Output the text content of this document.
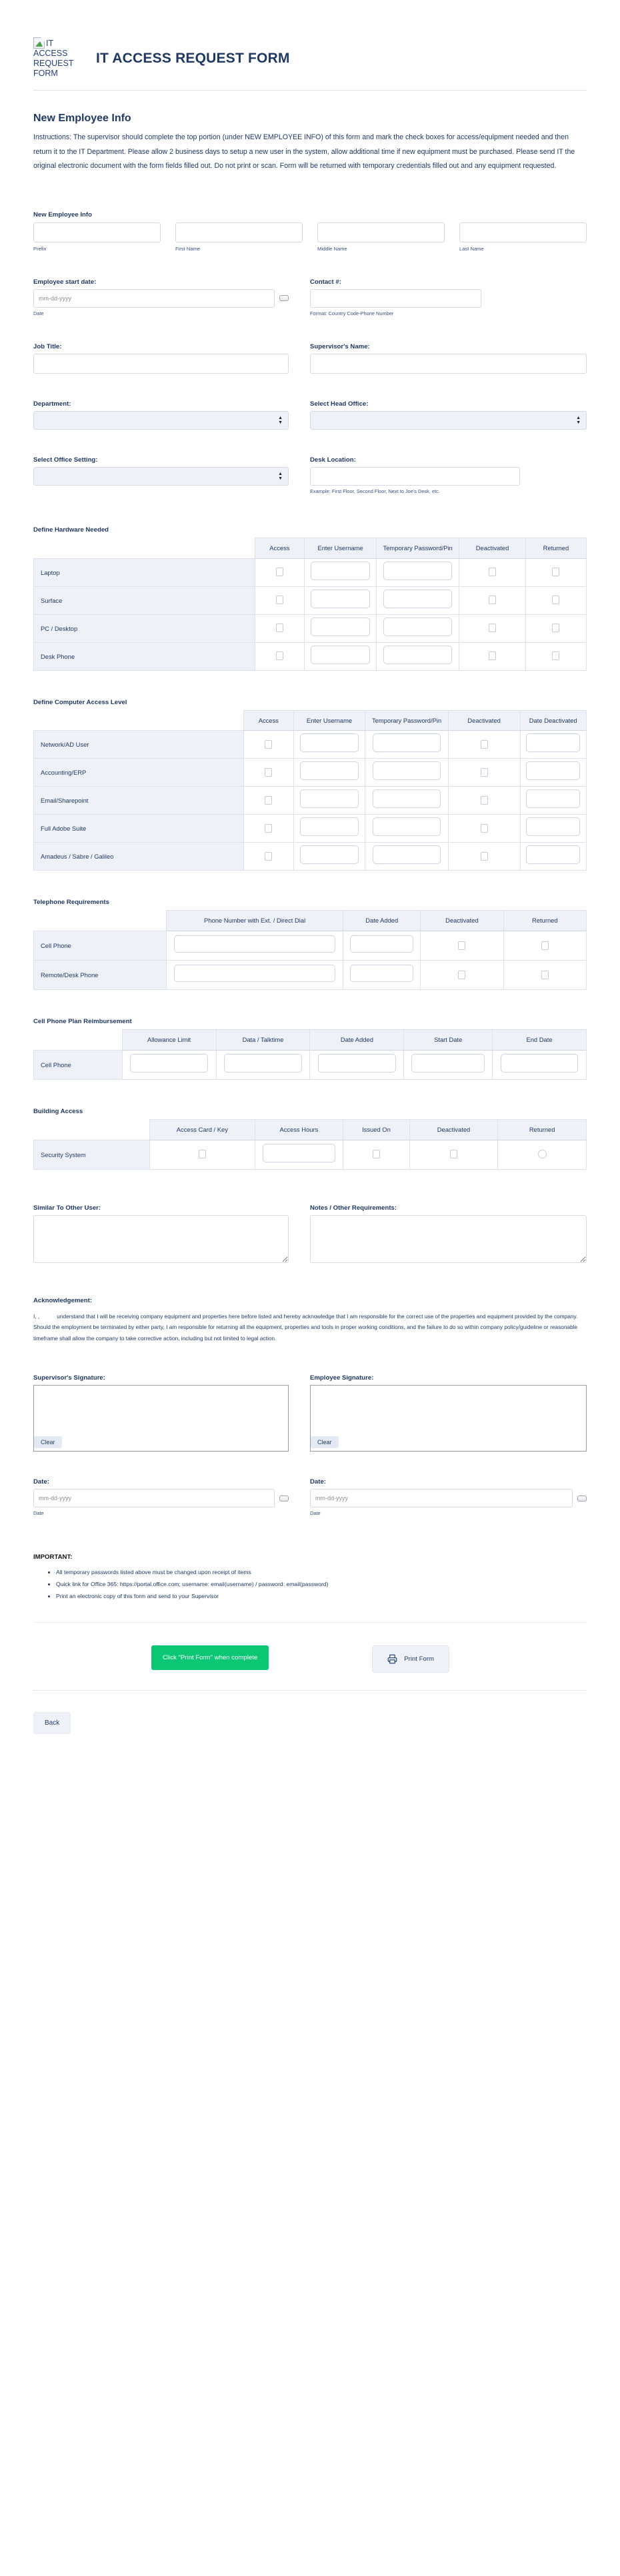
IT
ACCESS
REQUEST
FORM
IT ACCESS REQUEST FORM
New Employee Info

Instructions: The supervisor should complete the top portion (under NEW EMPLOYEE INFO) of this form and mark the check boxes for access/equipment needed and then return it to the IT Department. Please allow 2 business days to setup a new user in the system, allow additional time if new equipment must be purchased. Please send IT the original electronic document with the form fields filled out. Do not print or scan. Form will be returned with temporary credentials filled out and any equipment requested.

New Employee Info
Prefix	First Name	Middle Name	Last Name
Employee start date:
mm-dd-yyyy
Date
Contact #:
Format: Country Code-Phone Number
Job Title:	Supervisor's Name:
Department:
▲
▼
Select Head Office:
▲
▼
Select Office Setting:
▲
▼
Desk Location:
Example: First Floor, Second Floor, Next to Joe's Desk, etc.
Define Hardware Needed
	Access	Enter Username	Temporary Password/Pin	Deactivated	Returned
Laptop					
Surface					
PC / Desktop					
Desk Phone					
Define Computer Access Level
	Access	Enter Username	Temporary Password/Pin	Deactivated	Date Deactivated
Network/AD User					
Accounting/ERP					
Email/Sharepoint					
Full Adobe Suite					
Amadeus / Sabre / Galileo					
Telephone Requirements
	Phone Number with Ext. / Direct Dial	Date Added	Deactivated	Returned
Cell Phone				
Remote/Desk Phone				
Cell Phone Plan Reimbursement
	Allowance Limit	Data / Talktime	Date Added	Start Date	End Date
Cell Phone					
Building Access
	Access Card / Key	Access Hours	Issued On	Deactivated	Returned
Security System					
Similar To Other User:	Notes / Other Requirements:
Acknowledgement:

I, ,	understand that I will be receiving company equipment and properties here before listed and hereby acknowledge that I am responsible for the correct use of the properties and equipment provided by the company. Should the employment be terminated by either party, I am responsible for returning all the equipment, properties and tools in proper working conditions, and the failure to do so within company policy/guideline or reasonable timeframe shall allow the company to take corrective action, including but not limited to legal action.

Supervisor's Signature:
Clear
Employee Signature:
Clear
Date:
mm-dd-yyyy
Date
Date:
mm-dd-yyyy
Date
IMPORTANT:
• All temporary passwords listed above must be changed upon receipt of items
• Quick link for Office 365: https://portal.office.com; username: email(username) / password: email(password)
• Print an electronic copy of this form and send to your Supervisor
Click "Print Form" when complete	Print Form
Back
